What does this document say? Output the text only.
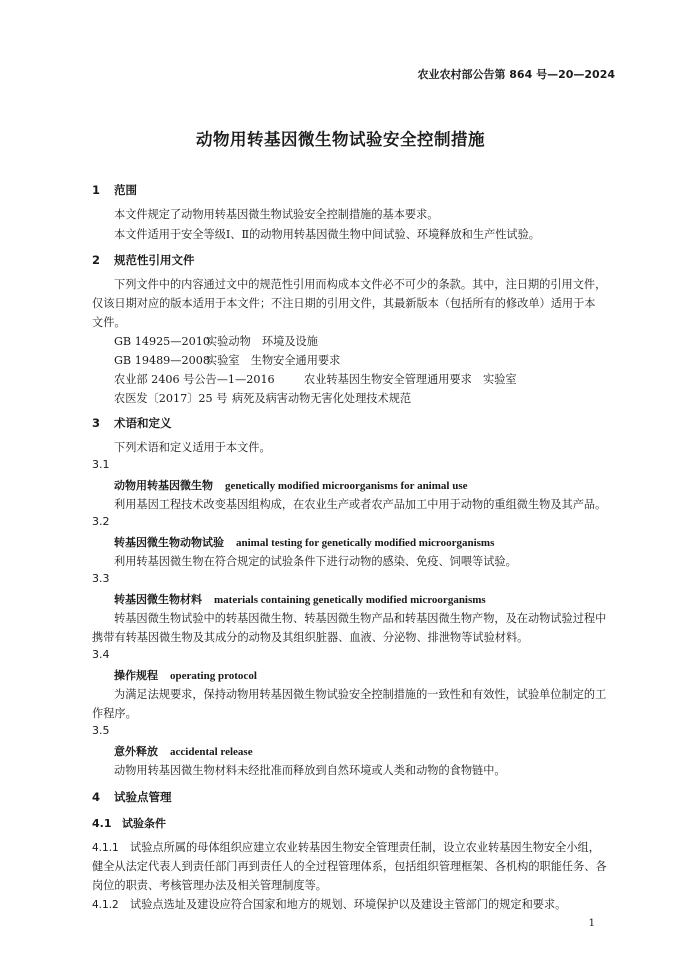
农业农村部公告第 864 号—20—2024
动物用转基因微生物试验安全控制措施
1 范围
本文件规定了动物用转基因微生物试验安全控制措施的基本要求。
本文件适用于安全等级Ⅰ、Ⅱ的动物用转基因微生物中间试验、环境释放和生产性试验。
2 规范性引用文件
下列文件中的内容通过文中的规范性引用而构成本文件必不可少的条款。其中，注日期的引用文件，
仅该日期对应的版本适用于本文件；不注日期的引用文件，其最新版本（包括所有的修改单）适用于本
文件。
GB 14925—2010实验动物　环境及设施
GB 19489—2008实验室　生物安全通用要求
农业部 2406 号公告—1—2016	农业转基因生物安全管理通用要求　实验室
农医发〔2017〕25 号 病死及病害动物无害化处理技术规范
3 术语和定义
下列术语和定义适用于本文件。
3.1
动物用转基因微生物 genetically modified microorganisms for animal use
利用基因工程技术改变基因组构成，在农业生产或者农产品加工中用于动物的重组微生物及其产品。
3.2
转基因微生物动物试验 animal testing for genetically modified microorganisms
利用转基因微生物在符合规定的试验条件下进行动物的感染、免疫、饲喂等试验。
3.3
转基因微生物材料 materials containing genetically modified microorganisms
转基因微生物试验中的转基因微生物、转基因微生物产品和转基因微生物产物，及在动物试验过程中
携带有转基因微生物及其成分的动物及其组织脏器、血液、分泌物、排泄物等试验材料。
3.4
操作规程 operating protocol
为满足法规要求，保持动物用转基因微生物试验安全控制措施的一致性和有效性，试验单位制定的工
作程序。
3.5
意外释放 accidental release
动物用转基因微生物材料未经批准而释放到自然环境或人类和动物的食物链中。
4 试验点管理
4.1 试验条件
4.1.1 试验点所属的母体组织应建立农业转基因生物安全管理责任制，设立农业转基因生物安全小组，
健全从法定代表人到责任部门再到责任人的全过程管理体系，包括组织管理框架、各机构的职能任务、各
岗位的职责、考核管理办法及相关管理制度等。
4.1.2 试验点选址及建设应符合国家和地方的规划、环境保护以及建设主管部门的规定和要求。
1
